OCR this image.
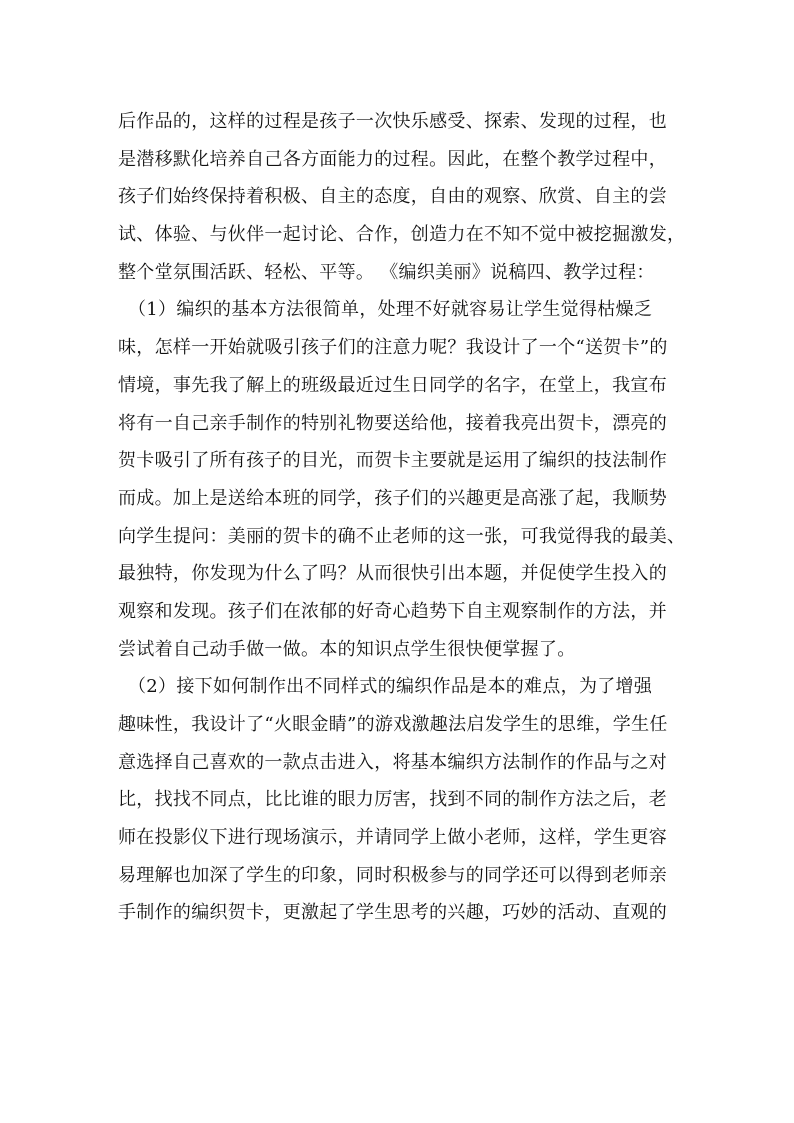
后作品的，这样的过程是孩子一次快乐感受、探索、发现的过程，也
是潜移默化培养自己各方面能力的过程。因此，在整个教学过程中，
孩子们始终保持着积极、自主的态度，自由的观察、欣赏、自主的尝
试、体验、与伙伴一起讨论、合作，创造力在不知不觉中被挖掘激发，
整个堂氛围活跃、轻松、平等。 《编织美丽》说稿四、教学过程：
（1）编织的基本方法很简单，处理不好就容易让学生觉得枯燥乏
味，怎样一开始就吸引孩子们的注意力呢？我设计了一个“送贺卡”的
情境，事先我了解上的班级最近过生日同学的名字，在堂上，我宣布
将有一自己亲手制作的特别礼物要送给他，接着我亮出贺卡，漂亮的
贺卡吸引了所有孩子的目光，而贺卡主要就是运用了编织的技法制作
而成。加上是送给本班的同学，孩子们的兴趣更是高涨了起，我顺势
向学生提问：美丽的贺卡的确不止老师的这一张，可我觉得我的最美、
最独特，你发现为什么了吗？从而很快引出本题，并促使学生投入的
观察和发现。孩子们在浓郁的好奇心趋势下自主观察制作的方法，并
尝试着自己动手做一做。本的知识点学生很快便掌握了。
（2）接下如何制作出不同样式的编织作品是本的难点，为了增强
趣味性，我设计了“火眼金睛”的游戏激趣法启发学生的思维，学生任
意选择自己喜欢的一款点击进入，将基本编织方法制作的作品与之对
比，找找不同点，比比谁的眼力厉害，找到不同的制作方法之后，老
师在投影仪下进行现场演示，并请同学上做小老师，这样，学生更容
易理解也加深了学生的印象，同时积极参与的同学还可以得到老师亲
手制作的编织贺卡，更激起了学生思考的兴趣，巧妙的活动、直观的
